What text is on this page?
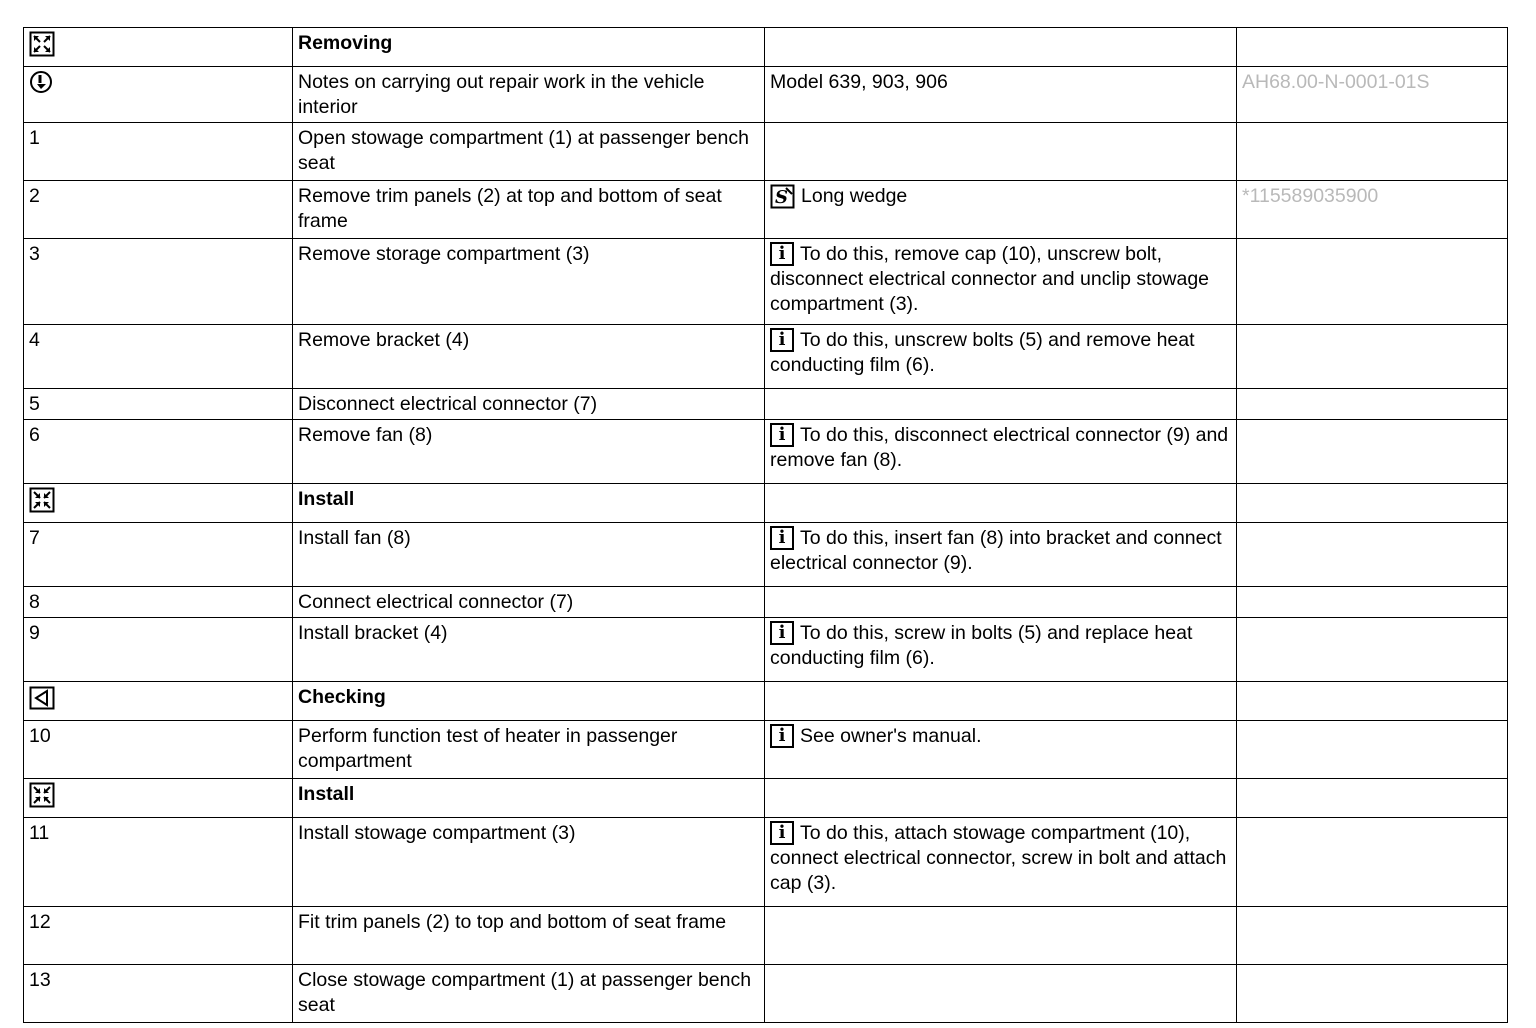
	Removing		
	Notes on carrying out repair work in the vehicle interior	Model 639, 903, 906	AH68.00-N-0001-01S
1	Open stowage compartment (1) at passenger bench seat		
2	Remove trim panels (2) at top and bottom of seat frame	S Long wedge	*115589035900
3	Remove storage compartment (3)	i To do this, remove cap (10), unscrew bolt, disconnect electrical connector and unclip stowage compartment (3).	
4	Remove bracket (4)	i To do this, unscrew bolts (5) and remove heat conducting film (6).	
5	Disconnect electrical connector (7)		
6	Remove fan (8)	i To do this, disconnect electrical connector (9) and remove fan (8).	
	Install		
7	Install fan (8)	i To do this, insert fan (8) into bracket and connect electrical connector (9).	
8	Connect electrical connector (7)		
9	Install bracket (4)	i To do this, screw in bolts (5) and replace heat conducting film (6).	
	Checking		
10	Perform function test of heater in passenger compartment	i See owner's manual.	
	Install		
11	Install stowage compartment (3)	i To do this, attach stowage compartment (10), connect electrical connector, screw in bolt and attach cap (3).	
12	Fit trim panels (2) to top and bottom of seat frame		
13	Close stowage compartment (1) at passenger bench seat		
